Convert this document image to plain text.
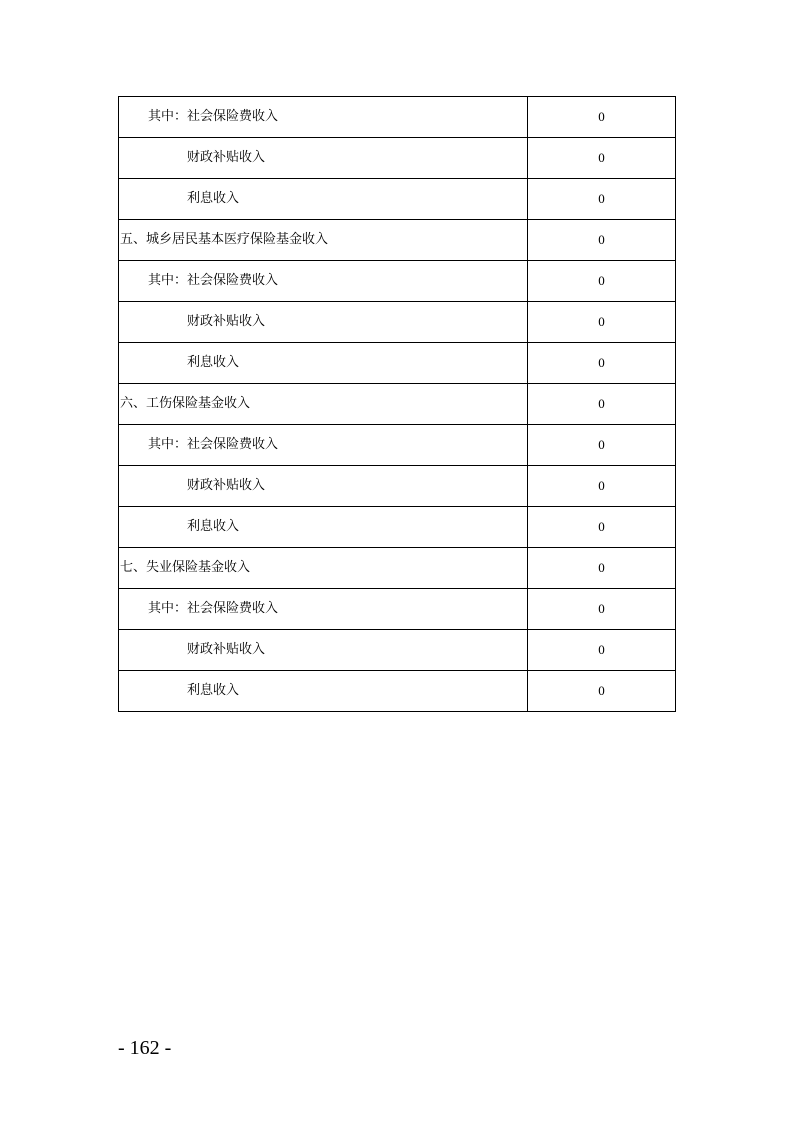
其中：社会保险费收入	0
财政补贴收入	0
利息收入	0
五、城乡居民基本医疗保险基金收入	0
其中：社会保险费收入	0
财政补贴收入	0
利息收入	0
六、工伤保险基金收入	0
其中：社会保险费收入	0
财政补贴收入	0
利息收入	0
七、失业保险基金收入	0
其中：社会保险费收入	0
财政补贴收入	0
利息收入	0
- 162 -
